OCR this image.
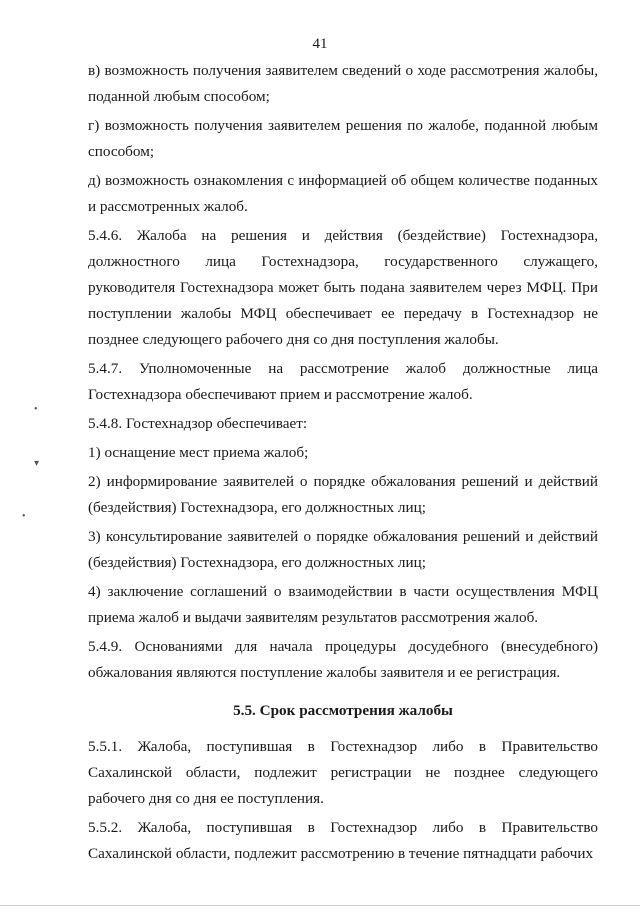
41
•
▾
•

в) возможность получения заявителем сведений о ходе рассмотрения жалобы, поданной любым способом;

г) возможность получения заявителем решения по жалобе, поданной любым способом;

д) возможность ознакомления с информацией об общем количестве поданных и рассмотренных жалоб.

5.4.6. Жалоба на решения и действия (бездействие) Гостехнадзора, должностного лица Гостехнадзора, государственного служащего, руководителя Гостехнадзора может быть подана заявителем через МФЦ. При поступлении жалобы МФЦ обеспечивает ее передачу в Гостехнадзор не позднее следующего рабочего дня со дня поступления жалобы.

5.4.7. Уполномоченные на рассмотрение жалоб должностные лица Гостехнадзора обеспечивают прием и рассмотрение жалоб.

5.4.8. Гостехнадзор обеспечивает:

1) оснащение мест приема жалоб;

2) информирование заявителей о порядке обжалования решений и действий (бездействия) Гостехнадзора, его должностных лиц;

3) консультирование заявителей о порядке обжалования решений и действий (бездействия) Гостехнадзора, его должностных лиц;

4) заключение соглашений о взаимодействии в части осуществления МФЦ приема жалоб и выдачи заявителям результатов рассмотрения жалоб.

5.4.9. Основаниями для начала процедуры досудебного (внесудебного) обжалования являются поступление жалобы заявителя и ее регистрация.

5.5. Срок рассмотрения жалобы

5.5.1. Жалоба, поступившая в Гостехнадзор либо в Правительство Сахалинской области, подлежит регистрации не позднее следующего рабочего дня со дня ее поступления.

5.5.2. Жалоба, поступившая в Гостехнадзор либо в Правительство Сахалинской области, подлежит рассмотрению в течение пятнадцати рабочих
